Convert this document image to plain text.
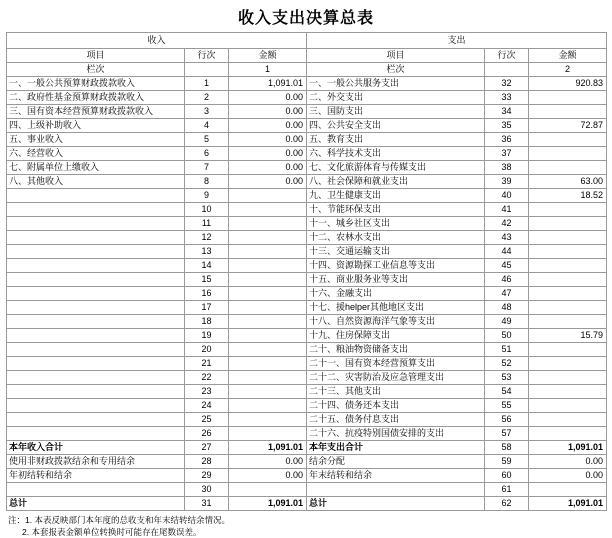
收入支出决算总表
收入			支出		
项目	行次	金额	项目	行次	金额
栏次		1	栏次		2
一、一般公共预算财政拨款收入	1	1,091.01	一、一般公共服务支出	32	920.83
二、政府性基金预算财政拨款收入	2	0.00	二、外交支出	33	
三、国有资本经营预算财政拨款收入	3	0.00	三、国防支出	34	
四、上级补助收入	4	0.00	四、公共安全支出	35	72.87
五、事业收入	5	0.00	五、教育支出	36	
六、经营收入	6	0.00	六、科学技术支出	37	
七、附属单位上缴收入	7	0.00	七、文化旅游体育与传媒支出	38	
八、其他收入	8	0.00	八、社会保障和就业支出	39	63.00
	9		九、卫生健康支出	40	18.52
	10		十、节能环保支出	41	
	11		十一、城乡社区支出	42	
	12		十二、农林水支出	43	
	13		十三、交通运输支出	44	
	14		十四、资源勘探工业信息等支出	45	
	15		十五、商业服务业等支出	46	
	16		十六、金融支出	47	
	17		十七、援helper其他地区支出	48	
	18		十八、自然资源海洋气象等支出	49	
	19		十九、住房保障支出	50	15.79
	20		二十、粮油物资储备支出	51	
	21		二十一、国有资本经营预算支出	52	
	22		二十二、灾害防治及应急管理支出	53	
	23		二十三、其他支出	54	
	24		二十四、债务还本支出	55	
	25		二十五、债务付息支出	56	
	26		二十六、抗疫特别国债安排的支出	57	
本年收入合计	27	1,091.01	本年支出合计	58	1,091.01
使用非财政拨款结余和专用结余	28	0.00	结余分配	59	0.00
年初结转和结余	29	0.00	年末结转和结余	60	0.00
	30			61	
总计	31	1,091.01	总计	62	1,091.01
注：1. 本表反映部门本年度的总收支和年末结转结余情况。
2. 本套报表金额单位转换时可能存在尾数误差。
